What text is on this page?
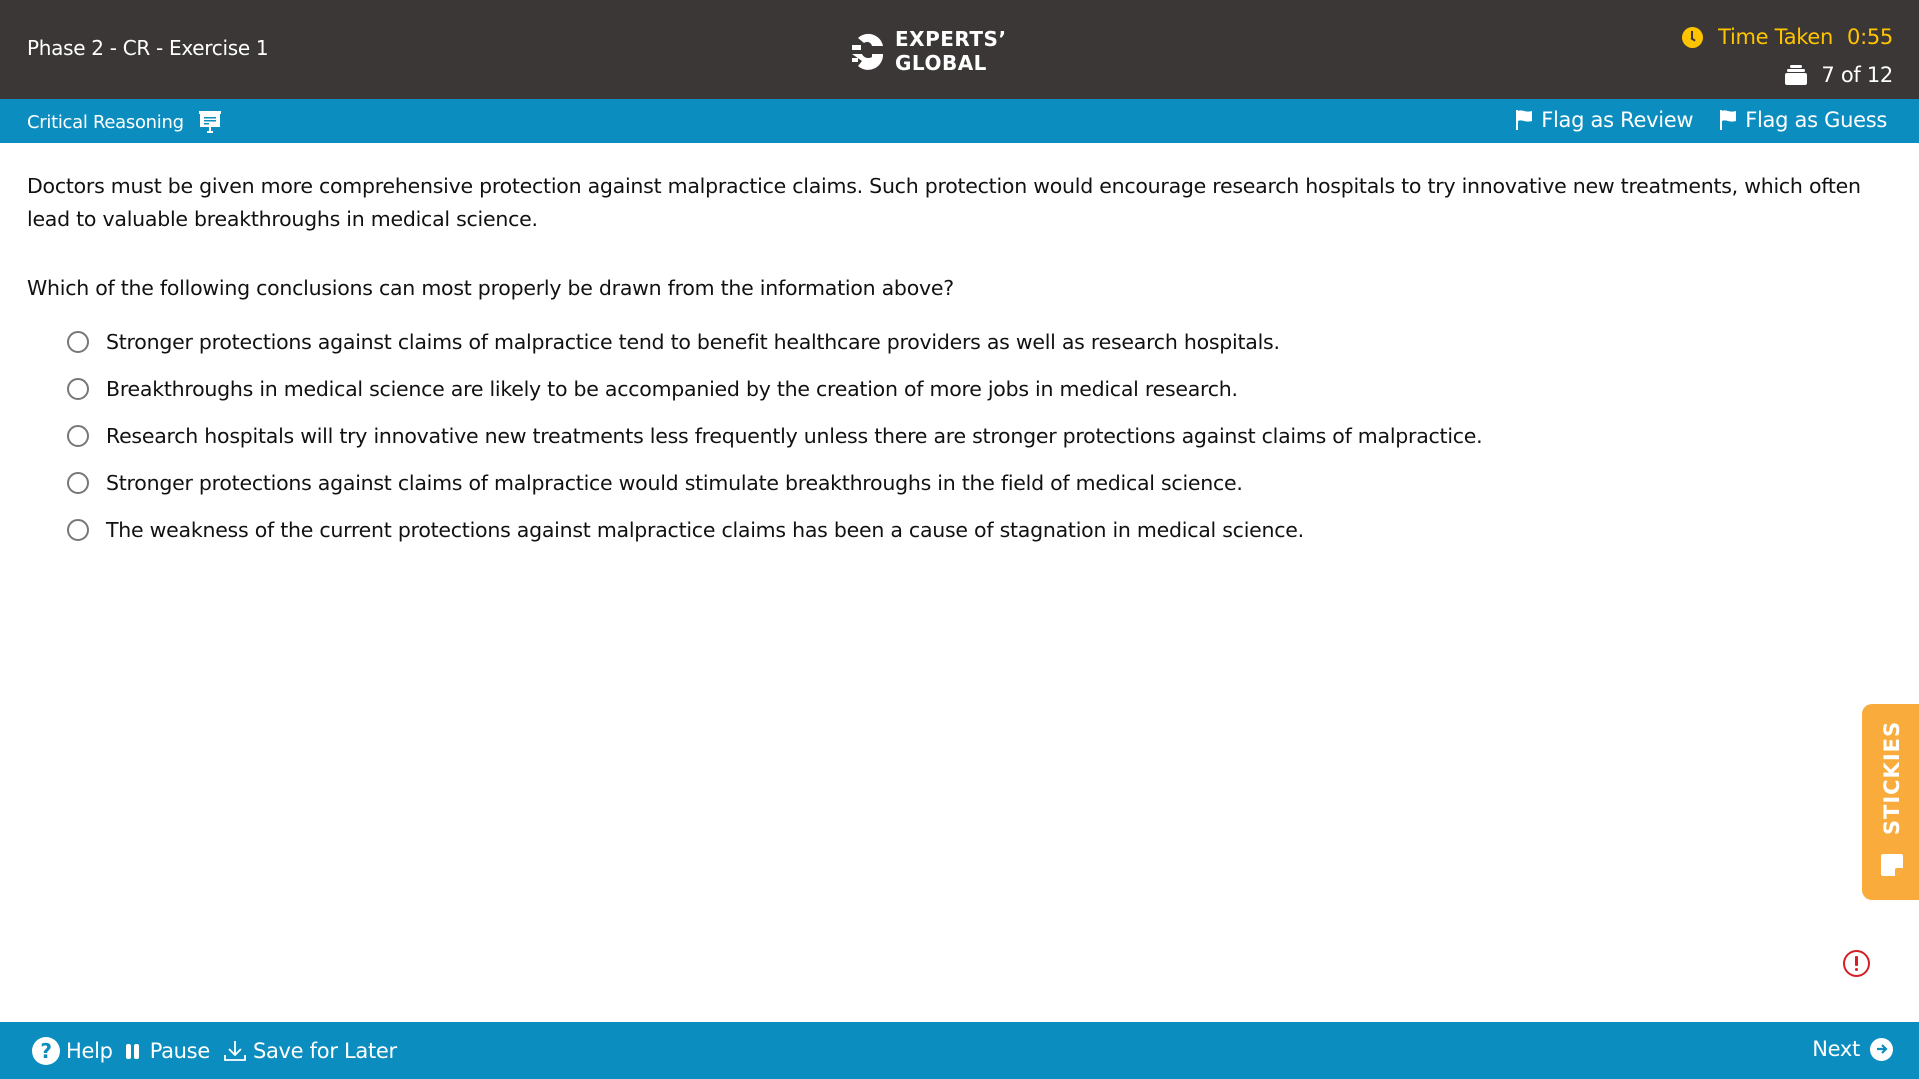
Phase 2 - CR - Exercise 1	EXPERTS’
GLOBAL
Time Taken 0:55
7 of 12
Critical Reasoning	Flag as Review Flag as Guess

Doctors must be given more comprehensive protection against malpractice claims. Such protection would encourage research hospitals to try innovative new treatments, which often lead to valuable breakthroughs in medical science.

Which of the following conclusions can most properly be drawn from the information above?

Stronger protections against claims of malpractice tend to benefit healthcare providers as well as research hospitals.
Breakthroughs in medical science are likely to be accompanied by the creation of more jobs in medical research.
Research hospitals will try innovative new treatments less frequently unless there are stronger protections against claims of malpractice.
Stronger protections against claims of malpractice would stimulate breakthroughs in the field of medical science.
The weakness of the current protections against malpractice claims has been a cause of stagnation in medical science.
STICKIES
? Help Pause Save for Later	Next
